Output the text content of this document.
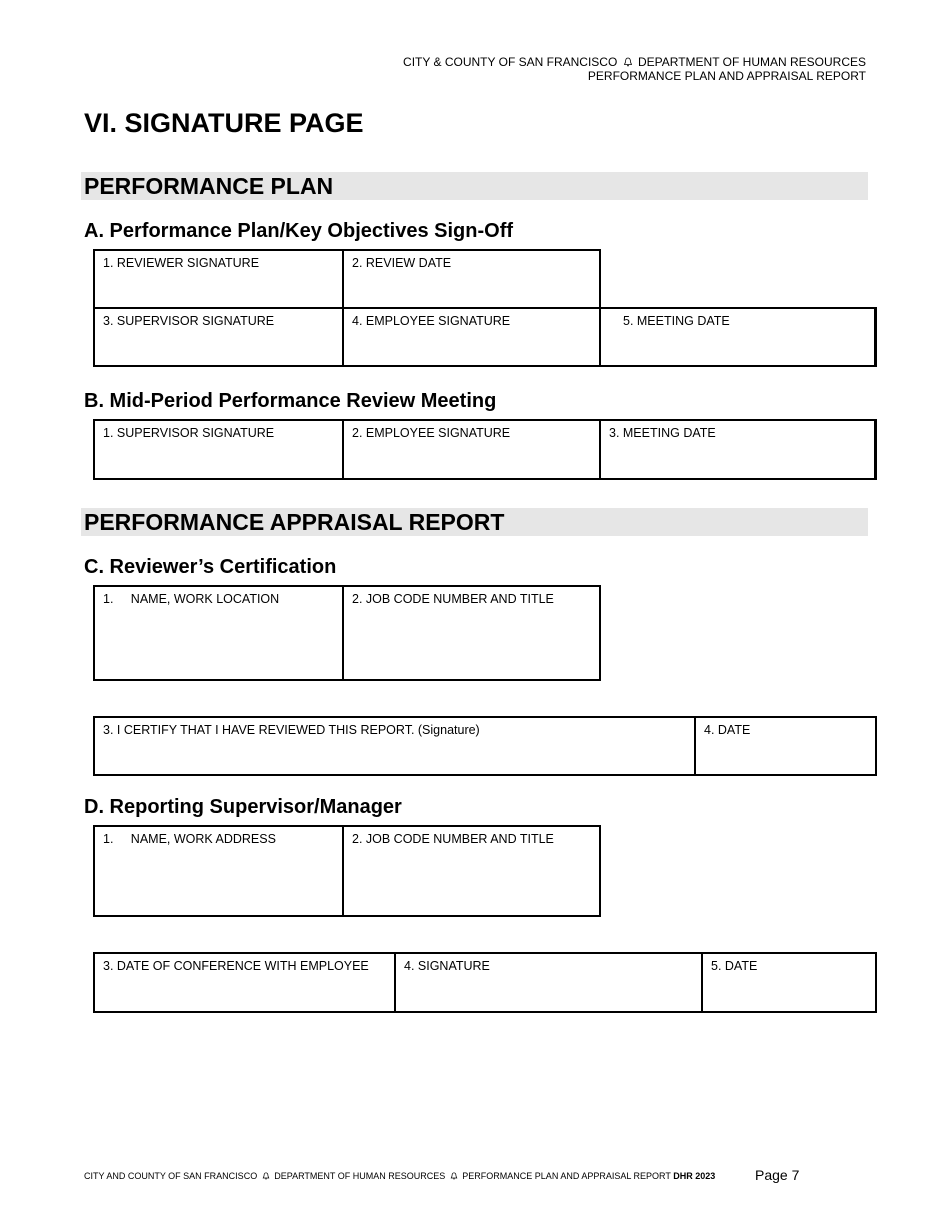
CITY & COUNTY OF SAN FRANCISCO DEPARTMENT OF HUMAN RESOURCES
PERFORMANCE PLAN AND APPRAISAL REPORT
VI. SIGNATURE PAGE
PERFORMANCE PLAN
A. Performance Plan/Key Objectives Sign-Off
1. REVIEWER SIGNATURE	2. REVIEW DATE
3. SUPERVISOR SIGNATURE	4. EMPLOYEE SIGNATURE	5. MEETING DATE
B. Mid-Period Performance Review Meeting
1. SUPERVISOR SIGNATURE	2. EMPLOYEE SIGNATURE	3. MEETING DATE
PERFORMANCE APPRAISAL REPORT
C. Reviewer’s Certification
1.     NAME, WORK LOCATION	2. JOB CODE NUMBER AND TITLE
3. I CERTIFY THAT I HAVE REVIEWED THIS REPORT. (Signature)	4. DATE
D. Reporting Supervisor/Manager
1.     NAME, WORK ADDRESS	2. JOB CODE NUMBER AND TITLE
3. DATE OF CONFERENCE WITH EMPLOYEE	4. SIGNATURE	5. DATE
CITY AND COUNTY OF SAN FRANCISCO DEPARTMENT OF HUMAN RESOURCES PERFORMANCE PLAN AND APPRAISAL REPORT DHR 2023	Page 7
